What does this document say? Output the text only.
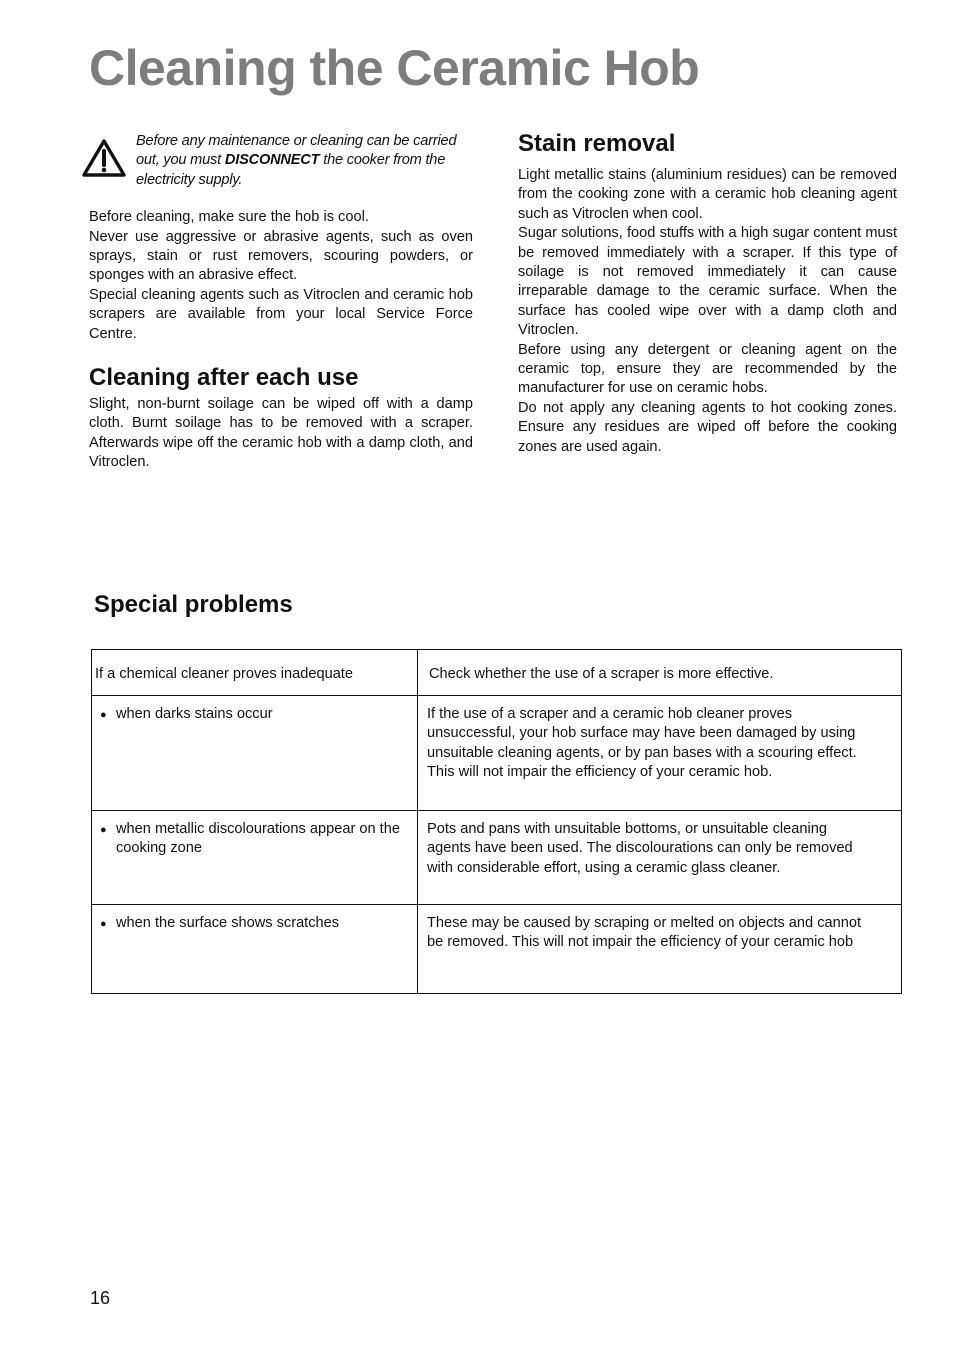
Cleaning the Ceramic Hob
Before any maintenance or cleaning can be carried out, you must DISCONNECT the cooker from the electricity supply.

Before cleaning, make sure the hob is cool.

Never use aggressive or abrasive agents, such as oven sprays, stain or rust removers, scouring powders, or sponges with an abrasive effect.

Special cleaning agents such as Vitroclen and ceramic hob scrapers are available from your local Service Force Centre.

Cleaning after each use

Slight, non-burnt soilage can be wiped off with a damp cloth. Burnt soilage has to be removed with a scraper. Afterwards wipe off the ceramic hob with a damp cloth, and Vitroclen.

Stain removal

Light metallic stains (aluminium residues) can be removed from the cooking zone with a ceramic hob cleaning agent such as Vitroclen when cool.

Sugar solutions, food stuffs with a high sugar content must be removed immediately with a scraper. If this type of soilage is not removed immediately it can cause irreparable damage to the ceramic surface. When the surface has cooled wipe over with a damp cloth and Vitroclen.

Before using any detergent or cleaning agent on the ceramic top, ensure they are recommended by the manufacturer for use on ceramic hobs.

Do not apply any cleaning agents to hot cooking zones. Ensure any residues are wiped off before the cooking zones are used again.

Special problems
If a chemical cleaner proves inadequate	Check whether the use of a scraper is more effective.

● when darks stains occur	If the use of a scraper and a ceramic hob cleaner proves unsuccessful, your hob surface may have been damaged by using unsuitable cleaning agents, or by pan bases with a scouring effect. This will not impair the efficiency of your ceramic hob.

● when metallic discolourations appear on the cooking zone	Pots and pans with unsuitable bottoms, or unsuitable cleaning agents have been used. The discolourations can only be removed with considerable effort, using a ceramic glass cleaner.

● when the surface shows scratches	These may be caused by scraping or melted on objects and cannot be removed. This will not impair the efficiency of your ceramic hob
16
